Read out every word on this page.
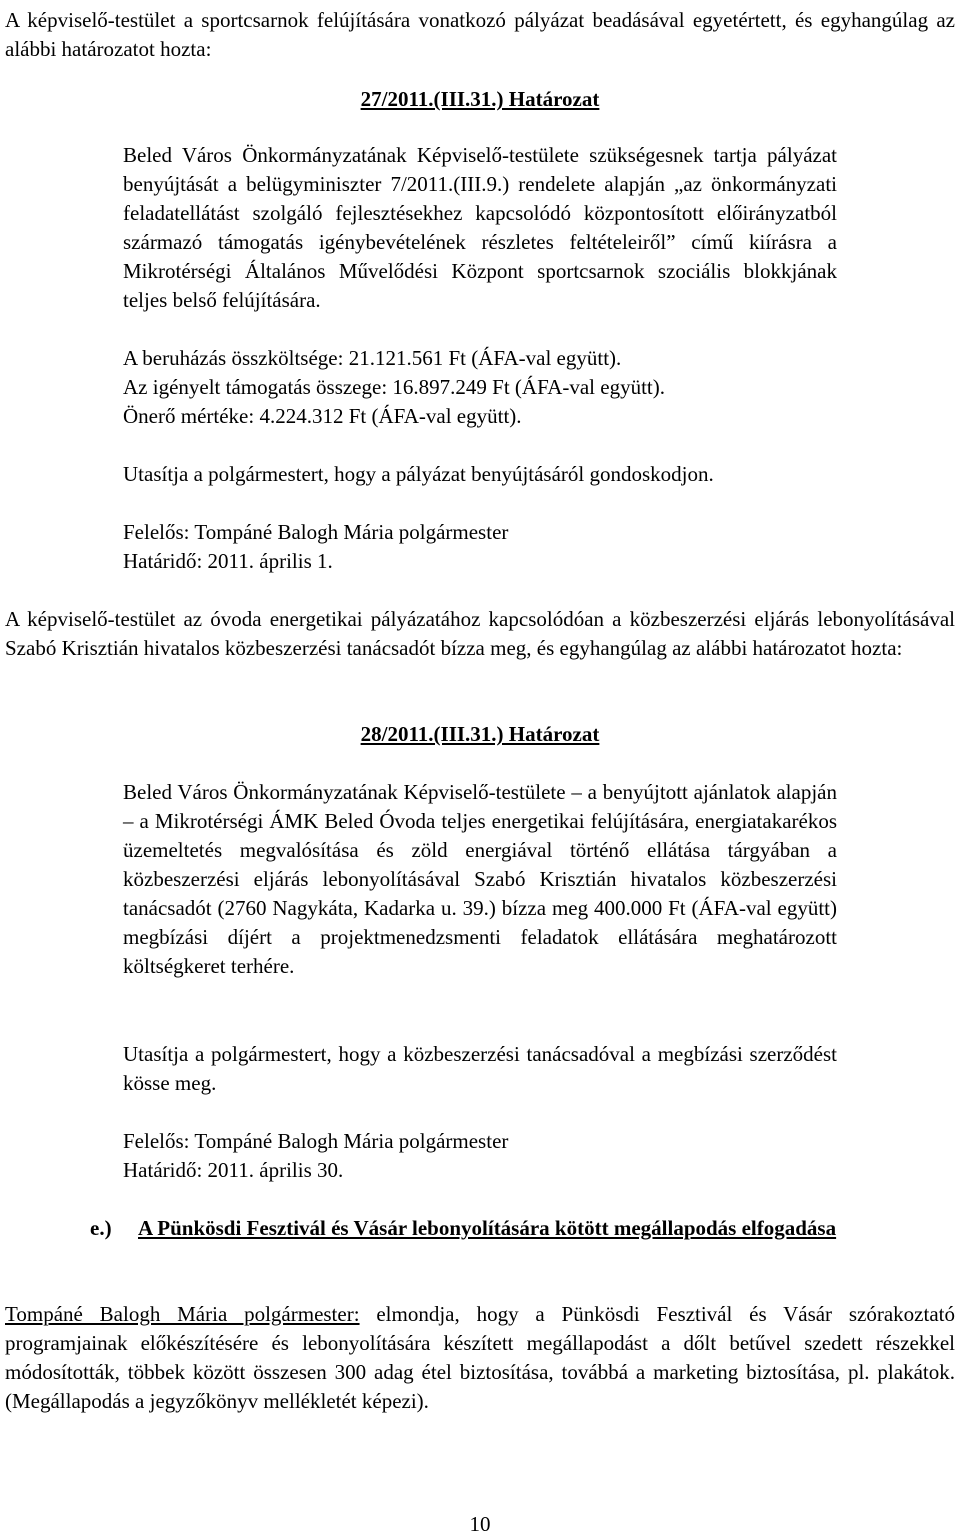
A képviselő-testület a sportcsarnok felújítására vonatkozó pályázat beadásával egyetértett, és egyhangúlag az alábbi határozatot hozta:

27/2011.(III.31.) Határozat

Beled Város Önkormányzatának Képviselő-testülete szükségesnek tartja pályázat benyújtását a belügyminiszter 7/2011.(III.9.) rendelete alapján „az önkormányzati feladatellátást szolgáló fejlesztésekhez kapcsolódó központosított előirányzatból származó támogatás igénybevételének részletes feltételeiről” című kiírásra a Mikrotérségi Általános Művelődési Központ sportcsarnok szociális blokkjának teljes belső felújítására.

A beruházás összköltsége: 21.121.561 Ft (ÁFA-val együtt).
Az igényelt támogatás összege: 16.897.249 Ft (ÁFA-val együtt).
Önerő mértéke: 4.224.312 Ft (ÁFA-val együtt).

Utasítja a polgármestert, hogy a pályázat benyújtásáról gondoskodjon.

Felelős: Tompáné Balogh Mária polgármester
Határidő: 2011. április 1.

A képviselő-testület az óvoda energetikai pályázatához kapcsolódóan a közbeszerzési eljárás lebonyolításával Szabó Krisztián hivatalos közbeszerzési tanácsadót bízza meg, és egyhangúlag az alábbi határozatot hozta:

28/2011.(III.31.) Határozat

Beled Város Önkormányzatának Képviselő-testülete – a benyújtott ajánlatok alapján – a Mikrotérségi ÁMK Beled Óvoda teljes energetikai felújítására, energiatakarékos üzemeltetés megvalósítása és zöld energiával történő ellátása tárgyában a közbeszerzési eljárás lebonyolításával Szabó Krisztián hivatalos közbeszerzési tanácsadót (2760 Nagykáta, Kadarka u. 39.) bízza meg 400.000 Ft (ÁFA-val együtt) megbízási díjért a projektmenedzsmenti feladatok ellátására meghatározott költségkeret terhére.

Utasítja a polgármestert, hogy a közbeszerzési tanácsadóval a megbízási szerződést kösse meg.

Felelős: Tompáné Balogh Mária polgármester
Határidő: 2011. április 30.
e.) A Pünkösdi Fesztivál és Vásár lebonyolítására kötött megállapodás elfogadása

Tompáné Balogh Mária polgármester: elmondja, hogy a Pünkösdi Fesztivál és Vásár szórakoztató programjainak előkészítésére és lebonyolítására készített megállapodást a dőlt betűvel szedett részekkel módosították, többek között összesen 300 adag étel biztosítása, továbbá a marketing biztosítása, pl. plakátok. (Megállapodás a jegyzőkönyv mellékletét képezi).

10
